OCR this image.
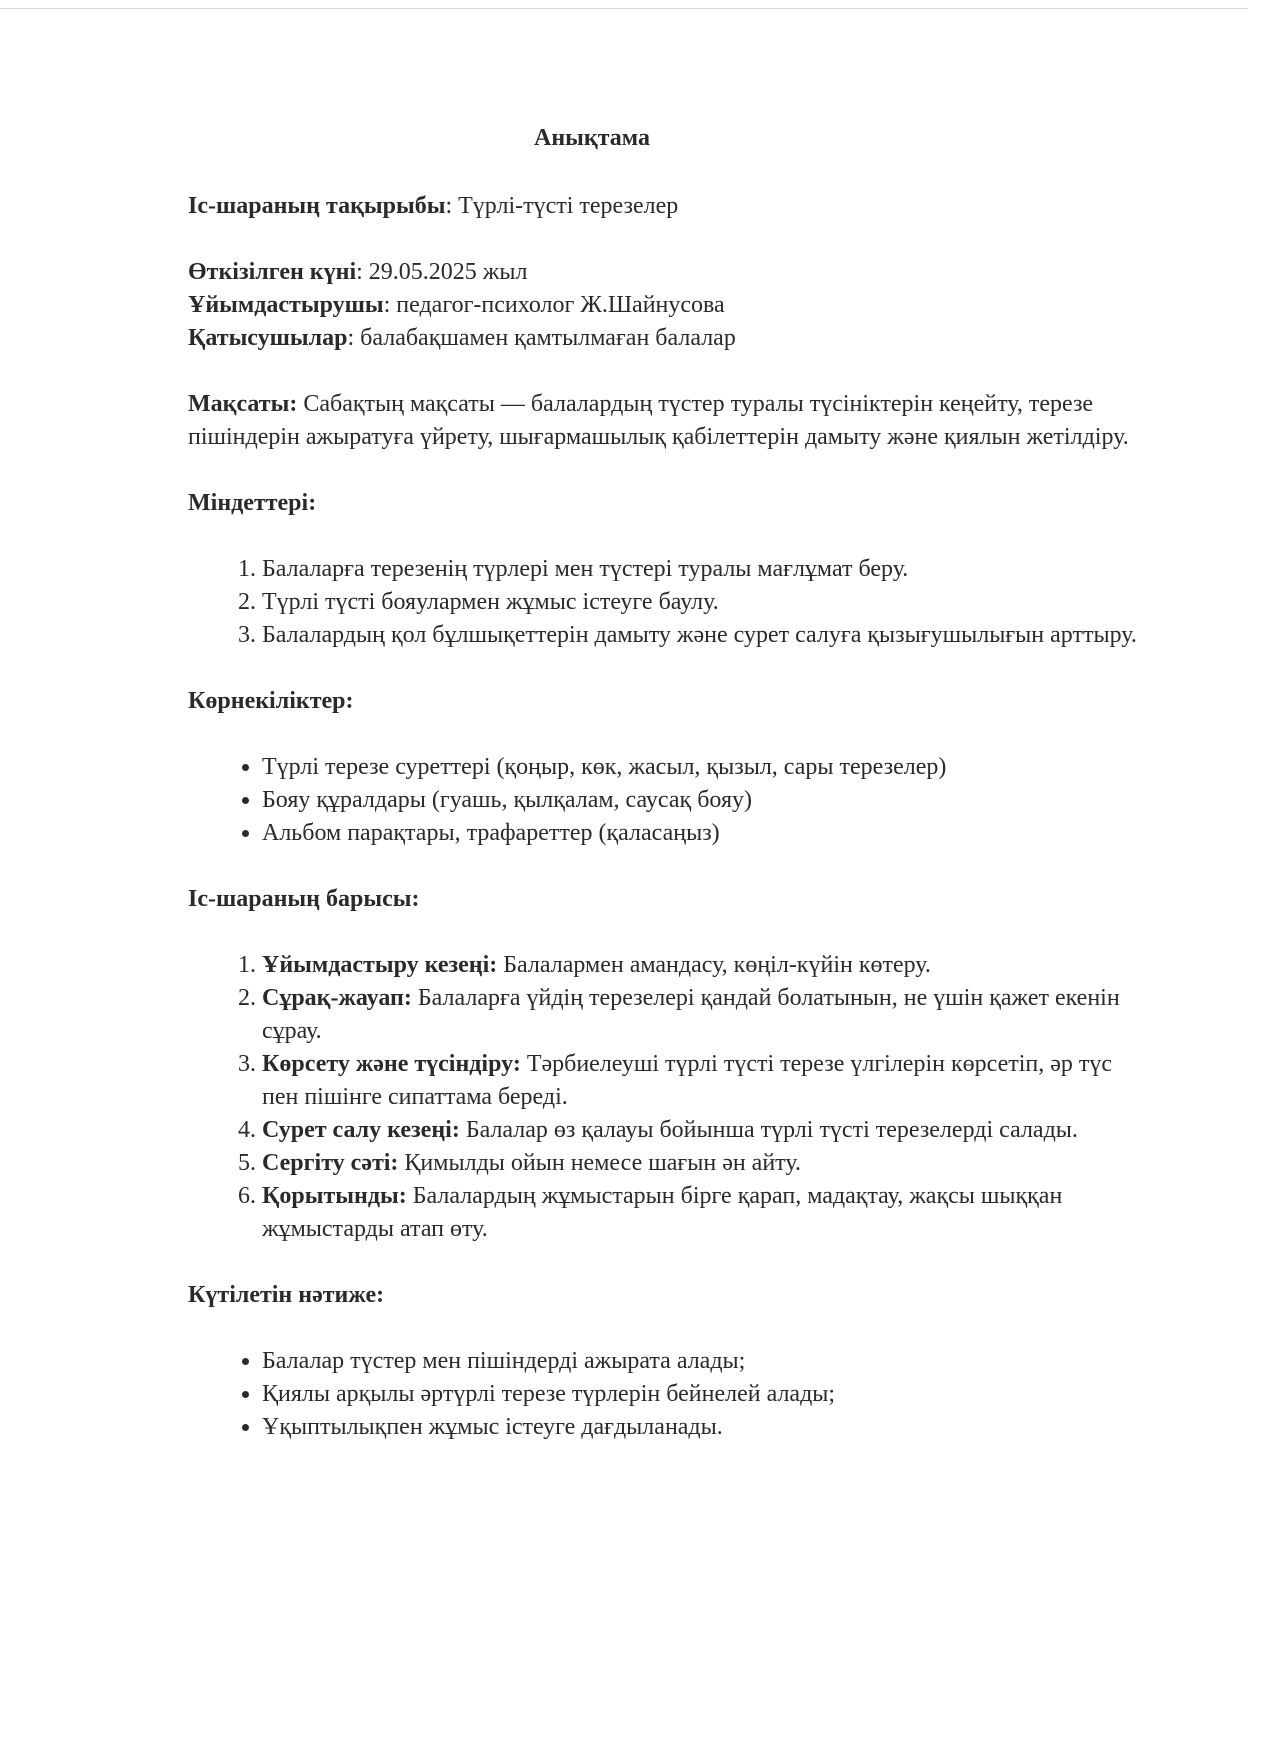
Анықтама

Іс-шараның тақырыбы: Түрлі-түсті терезелер

Өткізілген күні: 29.05.2025 жыл

Ұйымдастырушы: педагог-психолог Ж.Шайнусова

Қатысушылар: балабақшамен қамтылмаған балалар

Мақсаты: Сабақтың мақсаты — балалардың түстер туралы түсініктерін кеңейту, терезе пішіндерін ажыратуға үйрету, шығармашылық қабілеттерін дамыту және қиялын жетілдіру.

Міндеттері:

1. Балаларға терезенің түрлері мен түстері туралы мағлұмат беру.
2. Түрлі түсті бояулармен жұмыс істеуге баулу.
3. Балалардың қол бұлшықеттерін дамыту және сурет салуға қызығушылығын арттыру.

Көрнекіліктер:

• Түрлі терезе суреттері (қоңыр, көк, жасыл, қызыл, сары терезелер)
• Бояу құралдары (гуашь, қылқалам, саусақ бояу)
• Альбом парақтары, трафареттер (қаласаңыз)

Іс-шараның барысы:

1. Ұйымдастыру кезеңі: Балалармен амандасу, көңіл-күйін көтеру.
2. Сұрақ-жауап: Балаларға үйдің терезелері қандай болатынын, не үшін қажет екенін сұрау.
3. Көрсету және түсіндіру: Тәрбиелеуші түрлі түсті терезе үлгілерін көрсетіп, әр түс пен пішінге сипаттама береді.
4. Сурет салу кезеңі: Балалар өз қалауы бойынша түрлі түсті терезелерді салады.
5. Сергіту сәті: Қимылды ойын немесе шағын ән айту.
6. Қорытынды: Балалардың жұмыстарын бірге қарап, мадақтау, жақсы шыққан жұмыстарды атап өту.

Күтілетін нәтиже:

• Балалар түстер мен пішіндерді ажырата алады;
• Қиялы арқылы әртүрлі терезе түрлерін бейнелей алады;
• Ұқыптылықпен жұмыс істеуге дағдыланады.
